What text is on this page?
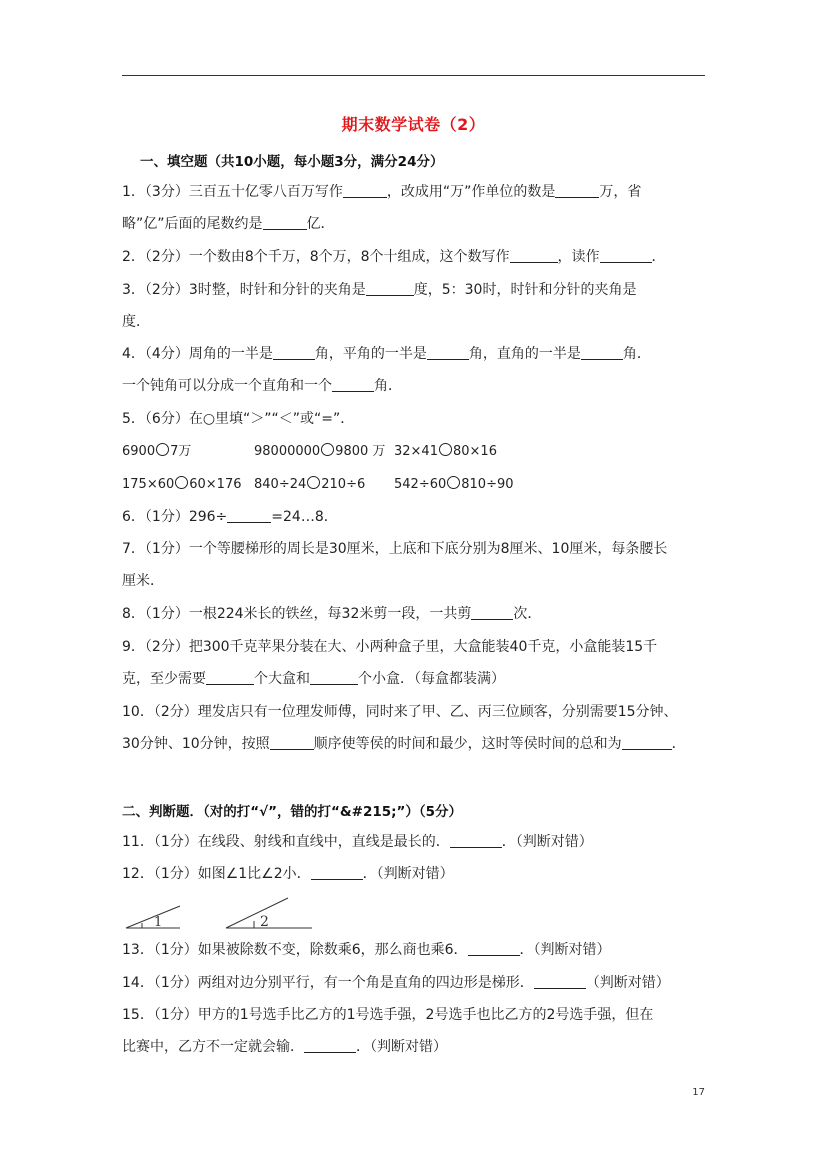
期末数学试卷（2）
一、填空题（共10小题，每小题3分，满分24分）
1．（3分）三百五十亿零八百万写作	，改成用“万”作单位的数是	万，省
略”亿”后面的尾数约是	亿．
2．（2分）一个数由8个千万，8个万，8个十组成，这个数写作	，读作	．
3．（2分）3时整，时针和分针的夹角是	度，5：30时，时针和分针的夹角是
度．
4．（4分）周角的一半是	角，平角的一半是	角，直角的一半是	角．
一个钝角可以分成一个直角和一个	角．
5．（6分）在○里填“＞”“＜”或“=”．
6900 7万	98000000 9800 万 32×41 80×16
175×60 60×176 840÷24 210÷6 542÷60 810÷90
6．（1分）296÷	=24…8．
7．（1分）一个等腰梯形的周长是30厘米，上底和下底分别为8厘米、10厘米，每条腰长
厘米．
8．（1分）一根224米长的铁丝，每32米剪一段，一共剪	次．
9．（2分）把300千克苹果分装在大、小两种盒子里，大盒能装40千克，小盒能装15千
克，至少需要	个大盒和	个小盒．（每盒都装满）
10．（2分）理发店只有一位理发师傅，同时来了甲、乙、丙三位顾客，分别需要15分钟、
30分钟、10分钟，按照	顺序使等侯的时间和最少，这时等侯时间的总和为	．
二、判断题．（对的打“√”，错的打“&#215;”）（5分）
11．（1分）在线段、射线和直线中，直线是最长的．	．（判断对错）
12．（1分）如图∠1比∠2小．	．（判断对错）
1	2
13．（1分）如果被除数不变，除数乘6，那么商也乘6．	．（判断对错）
14．（1分）两组对边分别平行，有一个角是直角的四边形是梯形．	（判断对错）
15．（1分）甲方的1号选手比乙方的1号选手强，2号选手也比乙方的2号选手强，但在
比赛中，乙方不一定就会输．	．（判断对错）
17
